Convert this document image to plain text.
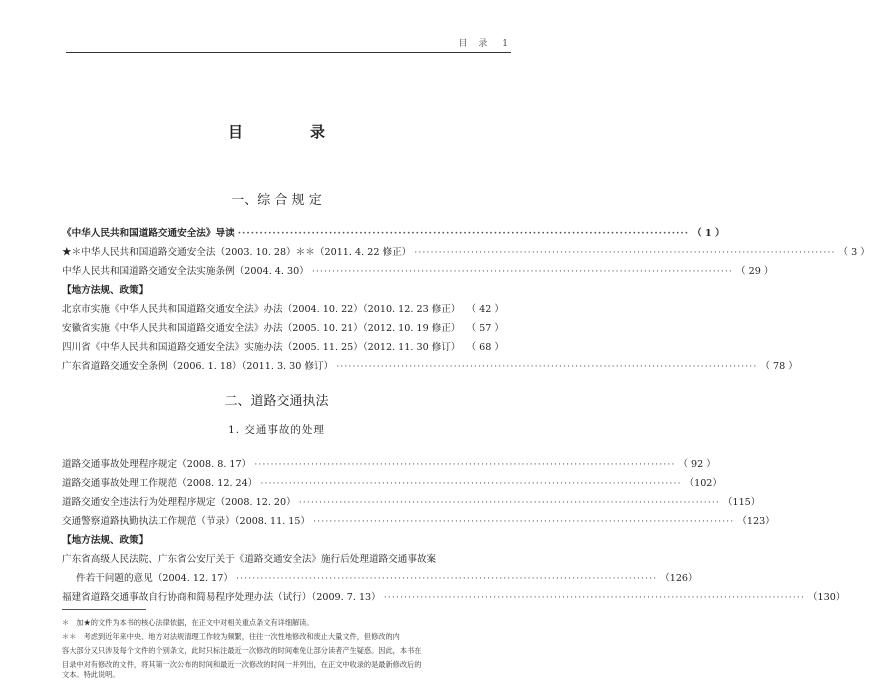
目　录 1
目　录
一、综 合 规 定
《中华人民共和国道路交通安全法》导读 ········································································································ （ 1 ）
★＊中华人民共和国道路交通安全法（2003. 10. 28）＊＊（2011. 4. 22 修正） ········································································································ （ 3 ）
中华人民共和国道路交通安全法实施条例（2004. 4. 30） ········································································································ （ 29 ）
【地方法规、政策】
北京市实施《中华人民共和国道路交通安全法》办法（2004. 10. 22）（2010. 12. 23 修正） （ 42 ）
安徽省实施《中华人民共和国道路交通安全法》办法（2005. 10. 21）（2012. 10. 19 修正） （ 57 ）
四川省《中华人民共和国道路交通安全法》实施办法（2005. 11. 25）（2012. 11. 30 修订） （ 68 ）
广东省道路交通安全条例（2006. 1. 18）（2011. 3. 30 修订） ········································································································ （ 78 ）
二、道路交通执法
1. 交通事故的处理
道路交通事故处理程序规定（2008. 8. 17） ········································································································ （ 92 ）
道路交通事故处理工作规范（2008. 12. 24） ········································································································ （102）
道路交通安全违法行为处理程序规定（2008. 12. 20） ········································································································ （115）
交通警察道路执勤执法工作规范（节录）（2008. 11. 15） ········································································································ （123）
【地方法规、政策】
广东省高级人民法院、广东省公安厅关于《道路交通安全法》施行后处理道路交通事故案
件若干问题的意见（2004. 12. 17） ········································································································ （126）
福建省道路交通事故自行协商和简易程序处理办法（试行）（2009. 7. 13） ········································································································ （130）
＊　加★的文件为本书的核心法律依据，在正文中对相关重点条文有详细解读。
＊＊　考虑到近年来中央、地方对法规清理工作较为频繁，往往一次性地修改和废止大量文件，但修改的内
容大部分又只涉及每个文件的个别条文，此时只标注最近一次修改的时间难免让部分读者产生疑惑。因此，本书在
目录中对有修改的文件，将其第一次公布的时间和最近一次修改的时间一并列出，在正文中收录的是最新修改后的
文本。特此说明。
